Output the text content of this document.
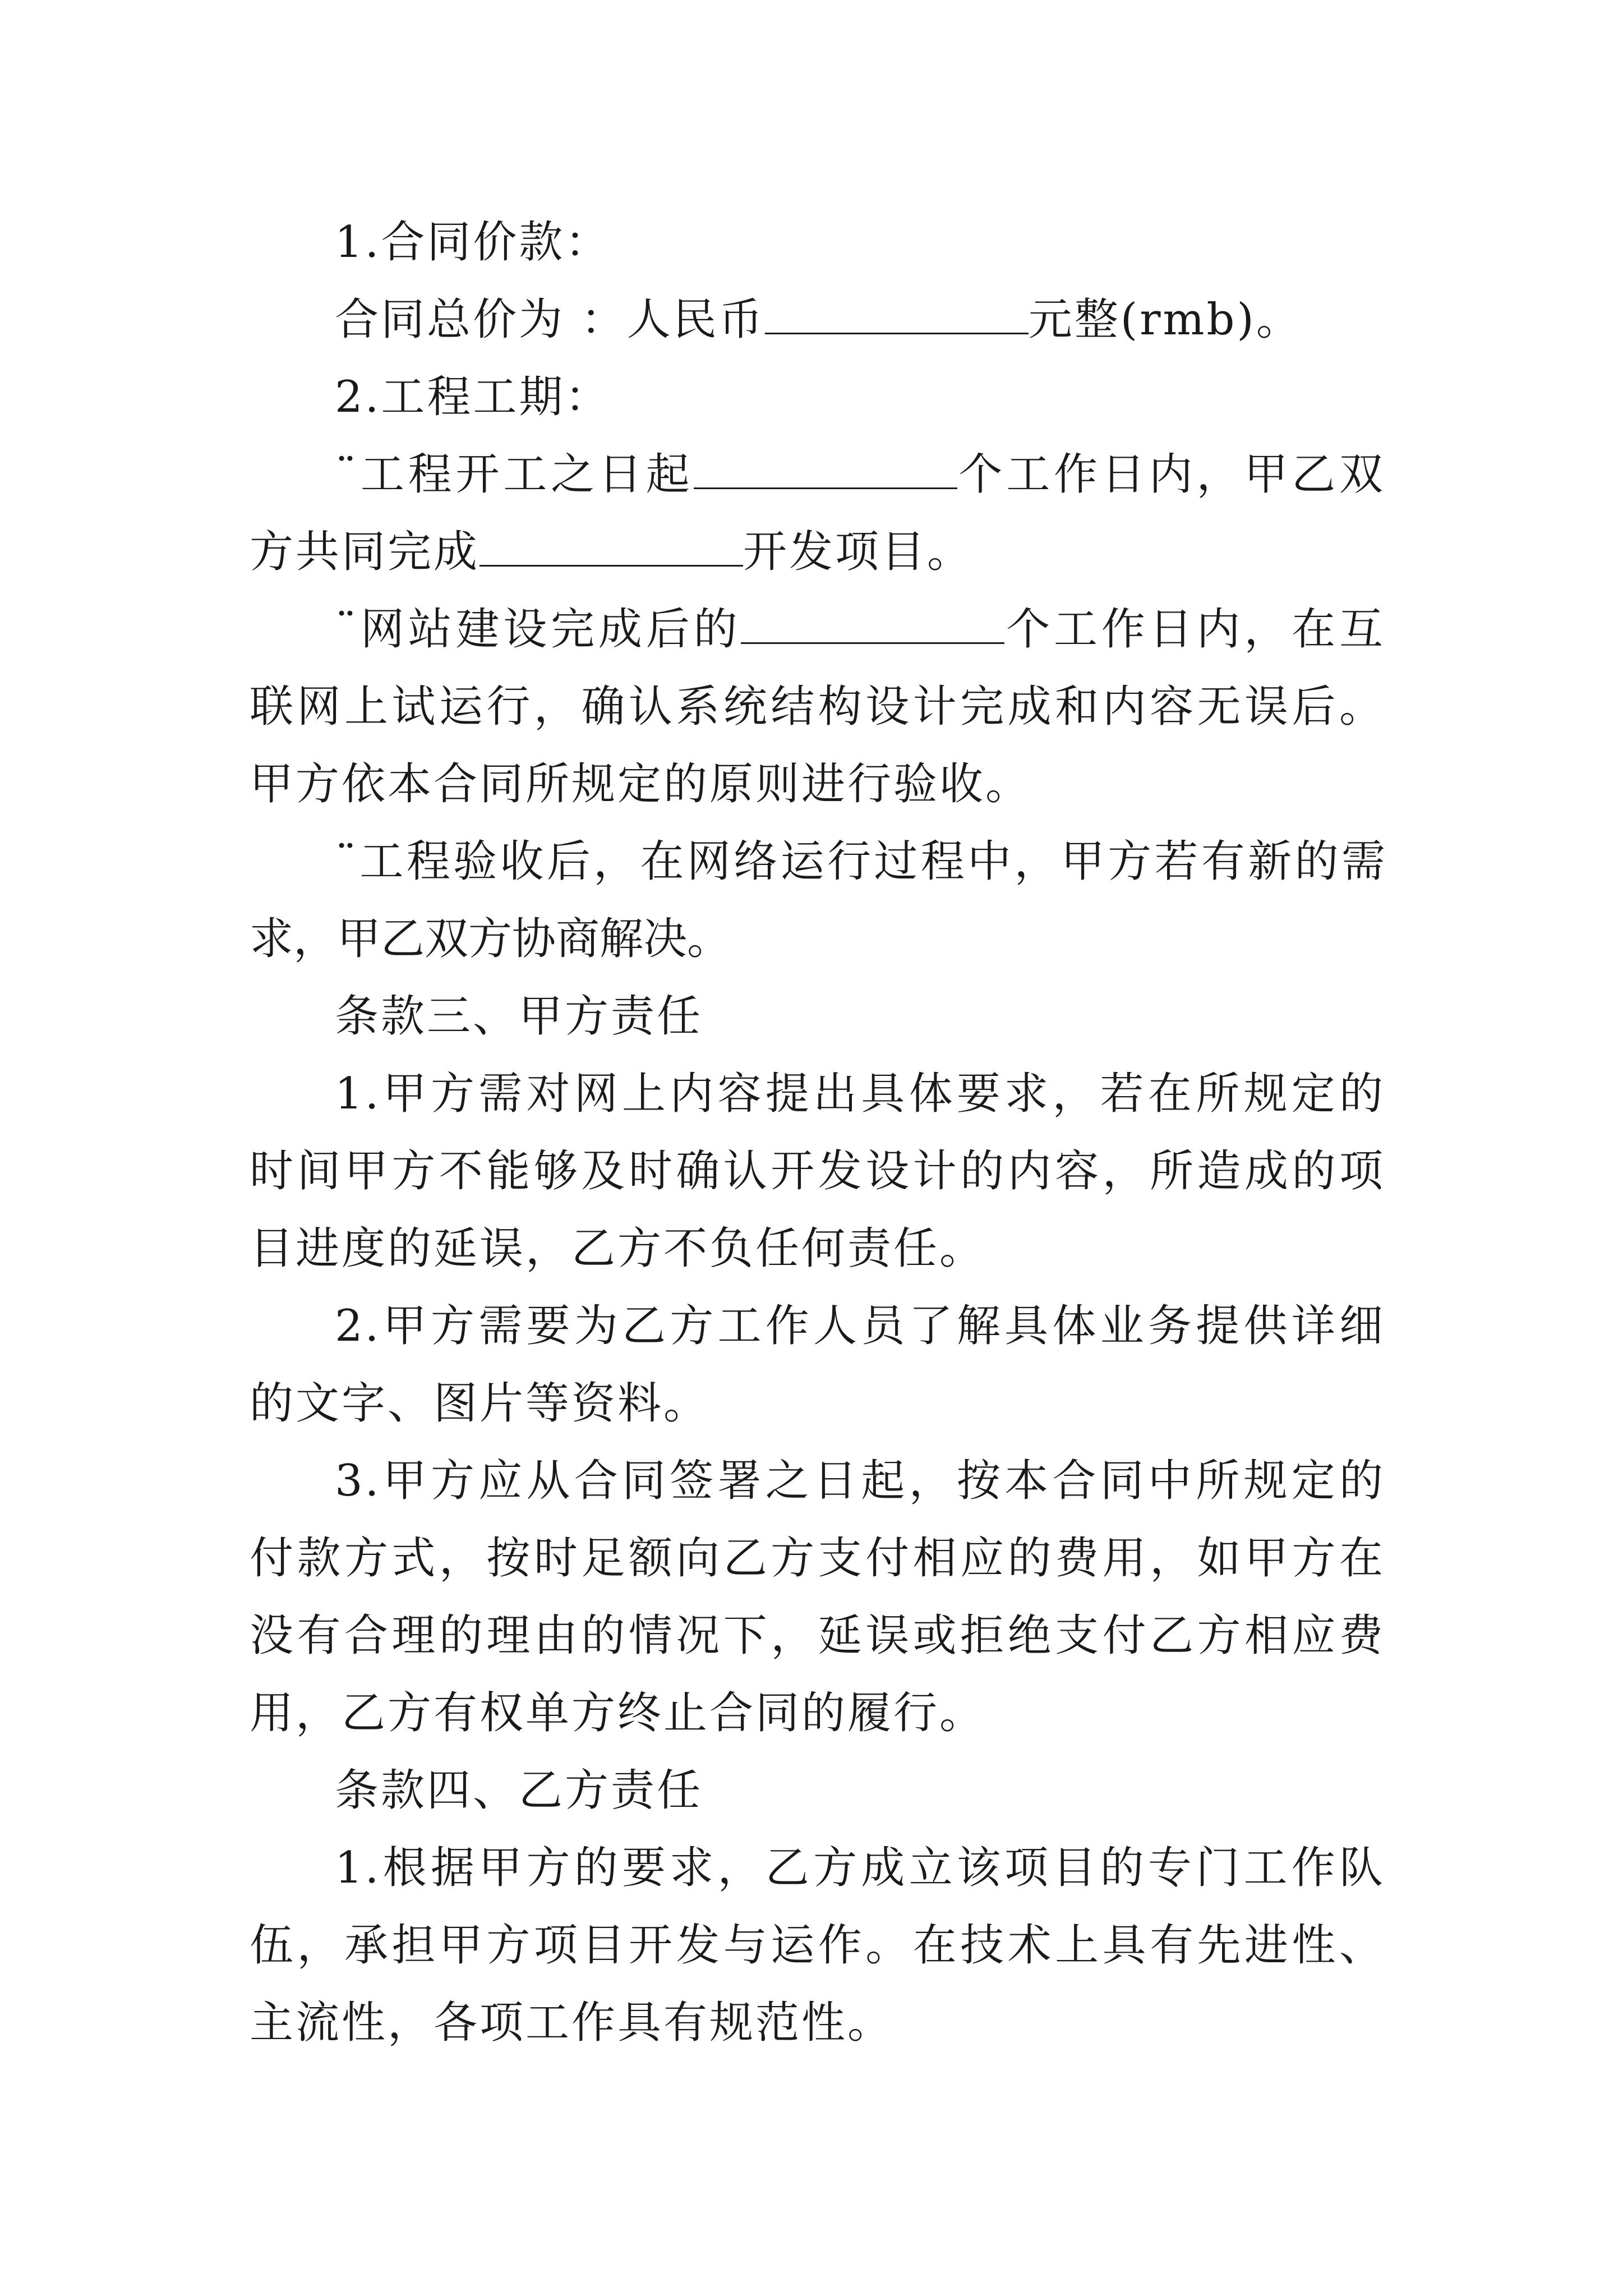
1.合同价款：

合同总价为 ：人民币	元整(rmb)。

2.工程工期：

¨工程开工之日起	个工作日内，甲乙双方共同完成	开发项目。

¨网站建设完成后的	个工作日内，在互联网上试运行，确认系统结构设计完成和内容无误后。甲方依本合同所规定的原则进行验收。

¨工程验收后，在网络运行过程中，甲方若有新的需求，甲乙双方协商解决。

条款三、甲方责任

1.甲方需对网上内容提出具体要求，若在所规定的时间甲方不能够及时确认开发设计的内容，所造成的项目进度的延误，乙方不负任何责任。

2.甲方需要为乙方工作人员了解具体业务提供详细的文字、图片等资料。

3.甲方应从合同签署之日起，按本合同中所规定的付款方式，按时足额向乙方支付相应的费用，如甲方在没有合理的理由的情况下，延误或拒绝支付乙方相应费用，乙方有权单方终止合同的履行。

条款四、乙方责任

1.根据甲方的要求，乙方成立该项目的专门工作队伍，承担甲方项目开发与运作。在技术上具有先进性、主流性，各项工作具有规范性。
